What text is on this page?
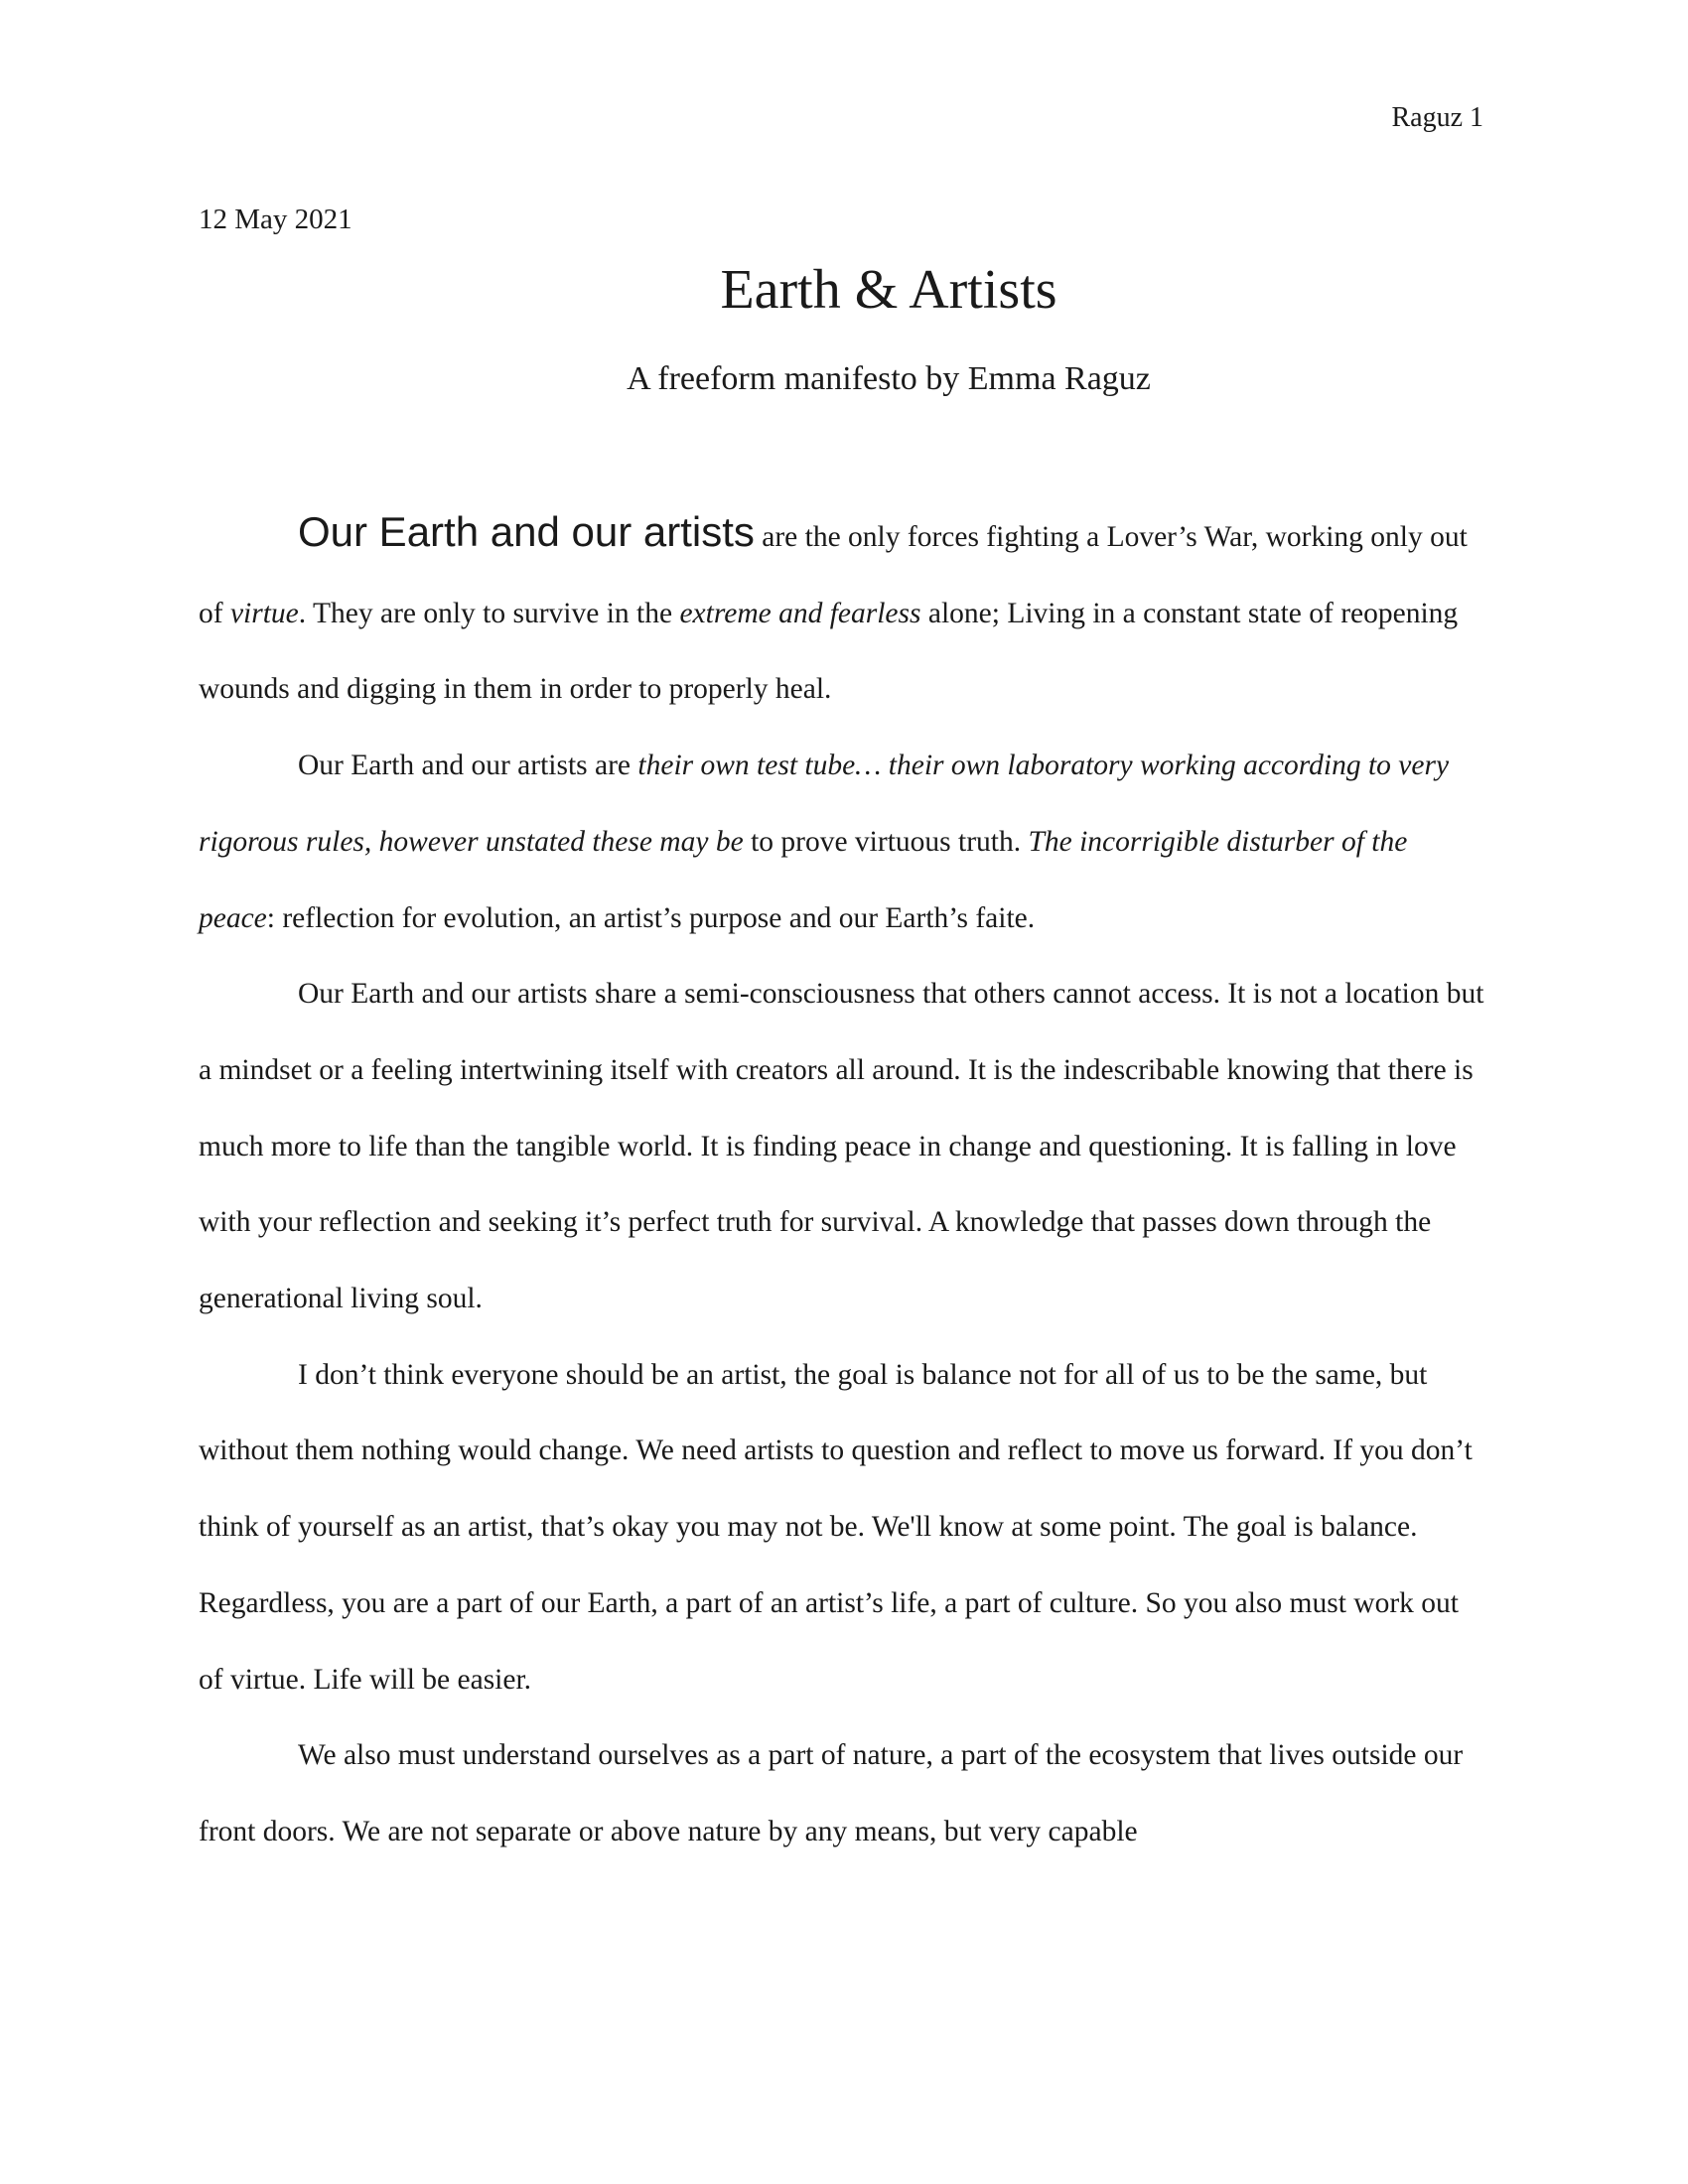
Raguz 1
12 May 2021
Earth & Artists
A freeform manifesto by Emma Raguz

Our Earth and our artists are the only forces fighting a Lover’s War, working only out of virtue. They are only to survive in the extreme and fearless alone; Living in a constant state of reopening wounds and digging in them in order to properly heal.

Our Earth and our artists are their own test tube… their own laboratory working according to very rigorous rules, however unstated these may be to prove virtuous truth. The incorrigible disturber of the peace: reflection for evolution, an artist’s purpose and our Earth’s faite.

Our Earth and our artists share a semi-consciousness that others cannot access. It is not a location but a mindset or a feeling intertwining itself with creators all around. It is the indescribable knowing that there is much more to life than the tangible world. It is finding peace in change and questioning. It is falling in love with your reflection and seeking it’s perfect truth for survival. A knowledge that passes down through the generational living soul.

I don’t think everyone should be an artist, the goal is balance not for all of us to be the same, but without them nothing would change. We need artists to question and reflect to move us forward. If you don’t think of yourself as an artist, that’s okay you may not be. We'll know at some point. The goal is balance. Regardless, you are a part of our Earth, a part of an artist’s life, a part of culture. So you also must work out of virtue. Life will be easier.

We also must understand ourselves as a part of nature, a part of the ecosystem that lives outside our front doors. We are not separate or above nature by any means, but very capable
